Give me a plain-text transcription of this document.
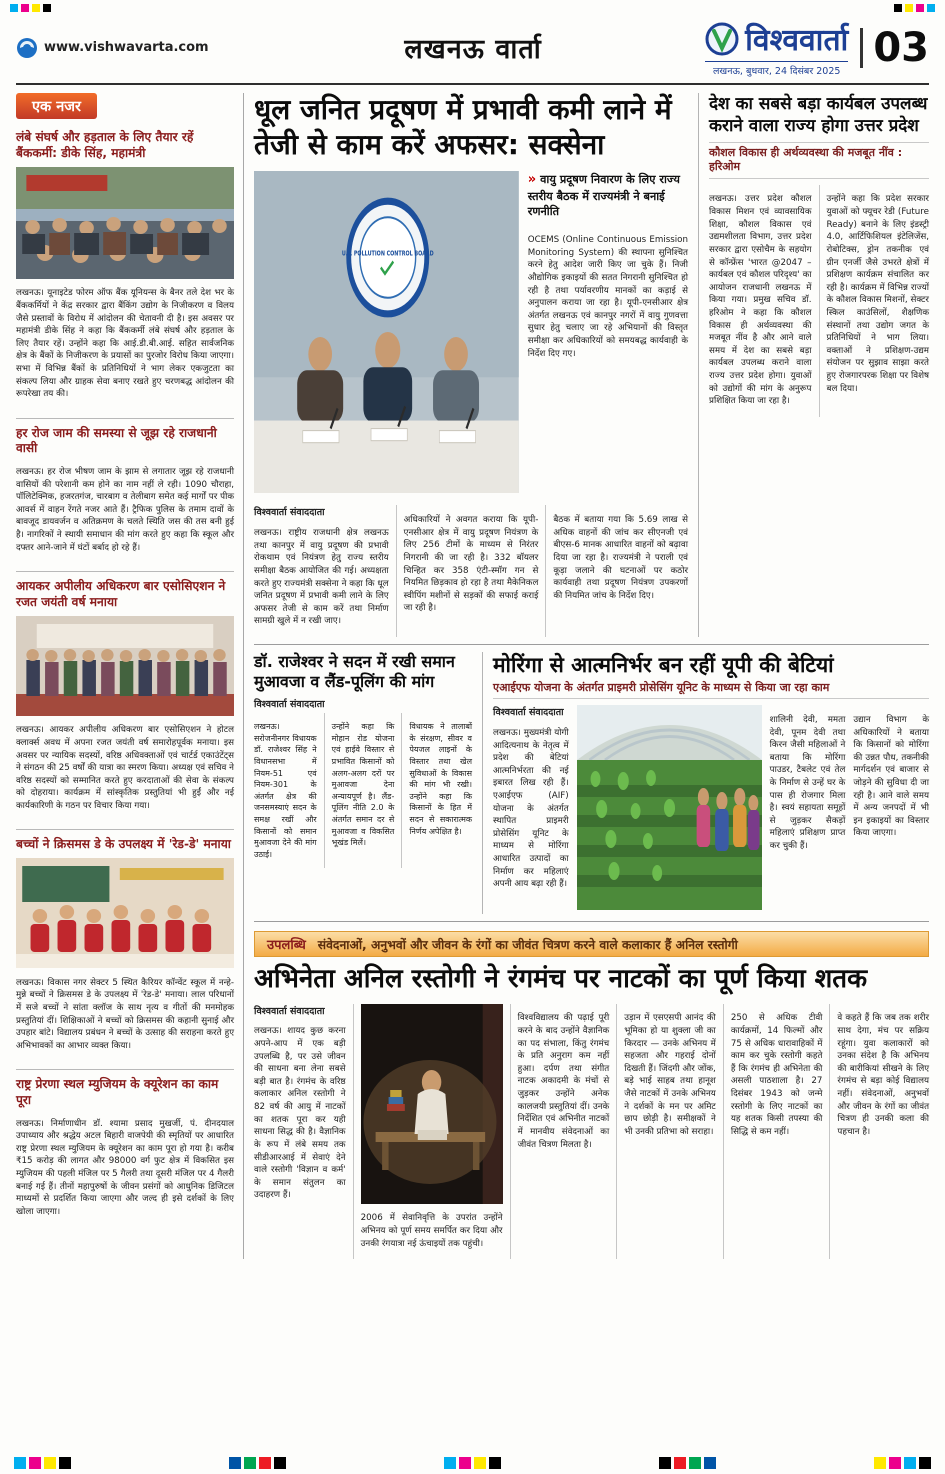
www.vishwavarta.com	लखनऊ वार्ता	विश्ववार्ता
लखनऊ, बुधवार, 24 दिसंबर 2025
03
एक नजर
लंबे संघर्ष और हड़ताल के लिए तैयार रहें बैंककर्मी: डीके सिंह, महामंत्री

लखनऊ। यूनाइटेड फोरम ऑफ बैंक यूनियन्स के बैनर तले देश भर के बैंककर्मियों ने केंद्र सरकार द्वारा बैंकिंग उद्योग के निजीकरण व विलय जैसे प्रस्तावों के विरोध में आंदोलन की चेतावनी दी है। इस अवसर पर महामंत्री डीके सिंह ने कहा कि बैंककर्मी लंबे संघर्ष और हड़ताल के लिए तैयार रहें। उन्होंने कहा कि आई.डी.बी.आई. सहित सार्वजनिक क्षेत्र के बैंकों के निजीकरण के प्रयासों का पुरजोर विरोध किया जाएगा। सभा में विभिन्न बैंकों के प्रतिनिधियों ने भाग लेकर एकजुटता का संकल्प लिया और ग्राहक सेवा बनाए रखते हुए चरणबद्ध आंदोलन की रूपरेखा तय की।

हर रोज जाम की समस्या से जूझ रहे राजधानी वासी

लखनऊ। हर रोज भीषण जाम के झाम से लगातार जूझ रहे राजधानी वासियों की परेशानी कम होने का नाम नहीं ले रही। 1090 चौराहा, पॉलिटेक्निक, हजरतगंज, चारबाग व तेलीबाग समेत कई मार्गों पर पीक आवर्स में वाहन रेंगते नजर आते हैं। ट्रैफिक पुलिस के तमाम दावों के बावजूद डायवर्जन व अतिक्रमण के चलते स्थिति जस की तस बनी हुई है। नागरिकों ने स्थायी समाधान की मांग करते हुए कहा कि स्कूल और दफ्तर आने-जाने में घंटों बर्बाद हो रहे हैं।

आयकर अपीलीय अधिकरण बार एसोसिएशन ने रजत जयंती वर्ष मनाया

लखनऊ। आयकर अपीलीय अधिकरण बार एसोसिएशन ने होटल क्लार्क्स अवध में अपना रजत जयंती वर्ष समारोहपूर्वक मनाया। इस अवसर पर न्यायिक सदस्यों, वरिष्ठ अधिवक्ताओं एवं चार्टर्ड एकाउंटेंट्स ने संगठन की 25 वर्षों की यात्रा का स्मरण किया। अध्यक्ष एवं सचिव ने वरिष्ठ सदस्यों को सम्मानित करते हुए करदाताओं की सेवा के संकल्प को दोहराया। कार्यक्रम में सांस्कृतिक प्रस्तुतियां भी हुईं और नई कार्यकारिणी के गठन पर विचार किया गया।

बच्चों ने क्रिसमस डे के उपलक्ष्य में 'रेड-डे' मनाया

लखनऊ। विकास नगर सेक्टर 5 स्थित कैरियर कॉन्वेंट स्कूल में नन्हे-मुन्ने बच्चों ने क्रिसमस डे के उपलक्ष्य में 'रेड-डे' मनाया। लाल परिधानों में सजे बच्चों ने सांता क्लॉज के साथ नृत्य व गीतों की मनमोहक प्रस्तुतियां दीं। शिक्षिकाओं ने बच्चों को क्रिसमस की कहानी सुनाई और उपहार बांटे। विद्यालय प्रबंधन ने बच्चों के उत्साह की सराहना करते हुए अभिभावकों का आभार व्यक्त किया।

राष्ट्र प्रेरणा स्थल म्युजियम के क्यूरेशन का काम पूरा

लखनऊ। निर्माणाधीन डॉ. श्यामा प्रसाद मुखर्जी, पं. दीनदयाल उपाध्याय और श्रद्धेय अटल बिहारी वाजपेयी की स्मृतियों पर आधारित राष्ट्र प्रेरणा स्थल म्युजियम के क्यूरेशन का काम पूरा हो गया है। करीब ₹15 करोड़ की लागत और 98000 वर्ग फुट क्षेत्र में विकसित इस म्युजियम की पहली मंजिल पर 5 गैलरी तथा दूसरी मंजिल पर 4 गैलरी बनाई गई हैं। तीनों महापुरुषों के जीवन प्रसंगों को आधुनिक डिजिटल माध्यमों से प्रदर्शित किया जाएगा और जल्द ही इसे दर्शकों के लिए खोला जाएगा।

धूल जनित प्रदूषण में प्रभावी कमी लाने में तेजी से काम करें अफसर: सक्सेना
U.P. POLLUTION CONTROL BOARD
» वायु प्रदूषण निवारण के लिए राज्य स्तरीय बैठक में राज्यमंत्री ने बनाई रणनीति

OCEMS (Online Continuous Emission Monitoring System) की स्थापना सुनिश्चित करने हेतु आदेश जारी किए जा चुके हैं। निजी औद्योगिक इकाइयों की सतत निगरानी सुनिश्चित हो रही है तथा पर्यावरणीय मानकों का कड़ाई से अनुपालन कराया जा रहा है। यूपी-एनसीआर क्षेत्र अंतर्गत लखनऊ एवं कानपुर नगरों में वायु गुणवत्ता सुधार हेतु चलाए जा रहे अभियानों की विस्तृत समीक्षा कर अधिकारियों को समयबद्ध कार्यवाही के निर्देश दिए गए।

विश्ववार्ता संवाददाता

लखनऊ। राष्ट्रीय राजधानी क्षेत्र लखनऊ तथा कानपुर में वायु प्रदूषण की प्रभावी रोकथाम एवं नियंत्रण हेतु राज्य स्तरीय समीक्षा बैठक आयोजित की गई। अध्यक्षता करते हुए राज्यमंत्री सक्सेना ने कहा कि धूल जनित प्रदूषण में प्रभावी कमी लाने के लिए अफसर तेजी से काम करें तथा निर्माण सामग्री खुले में न रखी जाए।

अधिकारियों ने अवगत कराया कि यूपी-एनसीआर क्षेत्र में वायु प्रदूषण नियंत्रण के लिए 256 टीमों के माध्यम से निरंतर निगरानी की जा रही है। 332 बॉयलर चिन्हित कर 358 एंटी-स्मॉग गन से नियमित छिड़काव हो रहा है तथा मैकेनिकल स्वीपिंग मशीनों से सड़कों की सफाई कराई जा रही है।

बैठक में बताया गया कि 5.69 लाख से अधिक वाहनों की जांच कर सीएनजी एवं बीएस-6 मानक आधारित वाहनों को बढ़ावा दिया जा रहा है। राज्यमंत्री ने पराली एवं कूड़ा जलाने की घटनाओं पर कठोर कार्यवाही तथा प्रदूषण नियंत्रण उपकरणों की नियमित जांच के निर्देश दिए।

देश का सबसे बड़ा कार्यबल उपलब्ध कराने वाला राज्य होगा उत्तर प्रदेश
कौशल विकास ही अर्थव्यवस्था की मजबूत नींव : हरिओम

लखनऊ। उत्तर प्रदेश कौशल विकास मिशन एवं व्यावसायिक शिक्षा, कौशल विकास एवं उद्यमशीलता विभाग, उत्तर प्रदेश सरकार द्वारा एसोचैम के सहयोग से कॉन्फ्रेंस 'भारत @2047 – कार्यबल एवं कौशल परिदृश्य' का आयोजन राजधानी लखनऊ में किया गया। प्रमुख सचिव डॉ. हरिओम ने कहा कि कौशल विकास ही अर्थव्यवस्था की मजबूत नींव है और आने वाले समय में देश का सबसे बड़ा कार्यबल उपलब्ध कराने वाला राज्य उत्तर प्रदेश होगा। युवाओं को उद्योगों की मांग के अनुरूप प्रशिक्षित किया जा रहा है।

उन्होंने कहा कि प्रदेश सरकार युवाओं को फ्यूचर रेडी (Future Ready) बनाने के लिए इंडस्ट्री 4.0, आर्टिफिशियल इंटेलिजेंस, रोबोटिक्स, ड्रोन तकनीक एवं ग्रीन एनर्जी जैसे उभरते क्षेत्रों में प्रशिक्षण कार्यक्रम संचालित कर रही है। कार्यक्रम में विभिन्न राज्यों के कौशल विकास मिशनों, सेक्टर स्किल काउंसिलों, शैक्षणिक संस्थानों तथा उद्योग जगत के प्रतिनिधियों ने भाग लिया। वक्ताओं ने प्रशिक्षण-उद्यम संयोजन पर सुझाव साझा करते हुए रोजगारपरक शिक्षा पर विशेष बल दिया।

डॉ. राजेश्वर ने सदन में रखी समान मुआवजा व लैंड-पूलिंग की मांग
विश्ववार्ता संवाददाता

लखनऊ। सरोजनीनगर विधायक डॉ. राजेश्वर सिंह ने विधानसभा में नियम-51 एवं नियम-301 के अंतर्गत क्षेत्र की जनसमस्याएं सदन के समक्ष रखीं और किसानों को समान मुआवजा देने की मांग उठाई।

उन्होंने कहा कि मोहान रोड योजना एवं हाईवे विस्तार से प्रभावित किसानों को अलग-अलग दरों पर मुआवजा देना अन्यायपूर्ण है। लैंड-पूलिंग नीति 2.0 के अंतर्गत समान दर से मुआवजा व विकसित भूखंड मिलें।

विधायक ने तालाबों के संरक्षण, सीवर व पेयजल लाइनों के विस्तार तथा खेल सुविधाओं के विकास की मांग भी रखी। उन्होंने कहा कि किसानों के हित में सदन से सकारात्मक निर्णय अपेक्षित है।

मोरिंगा से आत्मनिर्भर बन रहीं यूपी की बेटियां
एआईएफ योजना के अंतर्गत प्राइमरी प्रोसेसिंग यूनिट के माध्यम से किया जा रहा काम
विश्ववार्ता संवाददाता

लखनऊ। मुख्यमंत्री योगी आदित्यनाथ के नेतृत्व में प्रदेश की बेटियां आत्मनिर्भरता की नई इबारत लिख रही हैं। एआईएफ (AIF) योजना के अंतर्गत स्थापित प्राइमरी प्रोसेसिंग यूनिट के माध्यम से मोरिंगा आधारित उत्पादों का निर्माण कर महिलाएं अपनी आय बढ़ा रही हैं।

शालिनी देवी, ममता देवी, पूनम देवी तथा किरन जैसी महिलाओं ने बताया कि मोरिंगा पाउडर, टैबलेट एवं तेल के निर्माण से उन्हें घर के पास ही रोजगार मिला है। स्वयं सहायता समूहों से जुड़कर सैकड़ों महिलाएं प्रशिक्षण प्राप्त कर चुकी हैं।

उद्यान विभाग के अधिकारियों ने बताया कि किसानों को मोरिंगा की उन्नत पौध, तकनीकी मार्गदर्शन एवं बाजार से जोड़ने की सुविधा दी जा रही है। आने वाले समय में अन्य जनपदों में भी इन इकाइयों का विस्तार किया जाएगा।

उपलब्धि संवेदनाओं, अनुभवों और जीवन के रंगों का जीवंत चित्रण करने वाले कलाकार हैं अनिल रस्तोगी
अभिनेता अनिल रस्तोगी ने रंगमंच पर नाटकों का पूर्ण किया शतक
विश्ववार्ता संवाददाता

लखनऊ। शायद कुछ करना अपने-आप में एक बड़ी उपलब्धि है, पर उसे जीवन की साधना बना लेना सबसे बड़ी बात है। रंगमंच के वरिष्ठ कलाकार अनिल रस्तोगी ने 82 वर्ष की आयु में नाटकों का शतक पूरा कर यही साधना सिद्ध की है। वैज्ञानिक के रूप में लंबे समय तक सीडीआरआई में सेवाएं देने वाले रस्तोगी 'विज्ञान व कर्म' के समान संतुलन का उदाहरण हैं।

2006 में सेवानिवृत्ति के उपरांत उन्होंने अभिनय को पूर्ण समय समर्पित कर दिया और उनकी रंगयात्रा नई ऊंचाइयों तक पहुंची।

विश्वविद्यालय की पढ़ाई पूरी करने के बाद उन्होंने वैज्ञानिक का पद संभाला, किंतु रंगमंच के प्रति अनुराग कम नहीं हुआ। दर्पण तथा संगीत नाटक अकादमी के मंचों से जुड़कर उन्होंने अनेक कालजयी प्रस्तुतियां दीं। उनके निर्देशित एवं अभिनीत नाटकों में मानवीय संवेदनाओं का जीवंत चित्रण मिलता है।

उड़ान में एसएसपी आनंद की भूमिका हो या शुक्ला जी का किरदार — उनके अभिनय में सहजता और गहराई दोनों दिखती हैं। जिंदगी और जोंक, बड़े भाई साहब तथा हानूश जैसे नाटकों में उनके अभिनय ने दर्शकों के मन पर अमिट छाप छोड़ी है। समीक्षकों ने भी उनकी प्रतिभा को सराहा।

250 से अधिक टीवी कार्यक्रमों, 14 फिल्मों और 75 से अधिक धारावाहिकों में काम कर चुके रस्तोगी कहते हैं कि रंगमंच ही अभिनेता की असली पाठशाला है। 27 दिसंबर 1943 को जन्मे रस्तोगी के लिए नाटकों का यह शतक किसी तपस्या की सिद्धि से कम नहीं।

वे कहते हैं कि जब तक शरीर साथ देगा, मंच पर सक्रिय रहूंगा। युवा कलाकारों को उनका संदेश है कि अभिनय की बारीकियां सीखने के लिए रंगमंच से बड़ा कोई विद्यालय नहीं। संवेदनाओं, अनुभवों और जीवन के रंगों का जीवंत चित्रण ही उनकी कला की पहचान है।
